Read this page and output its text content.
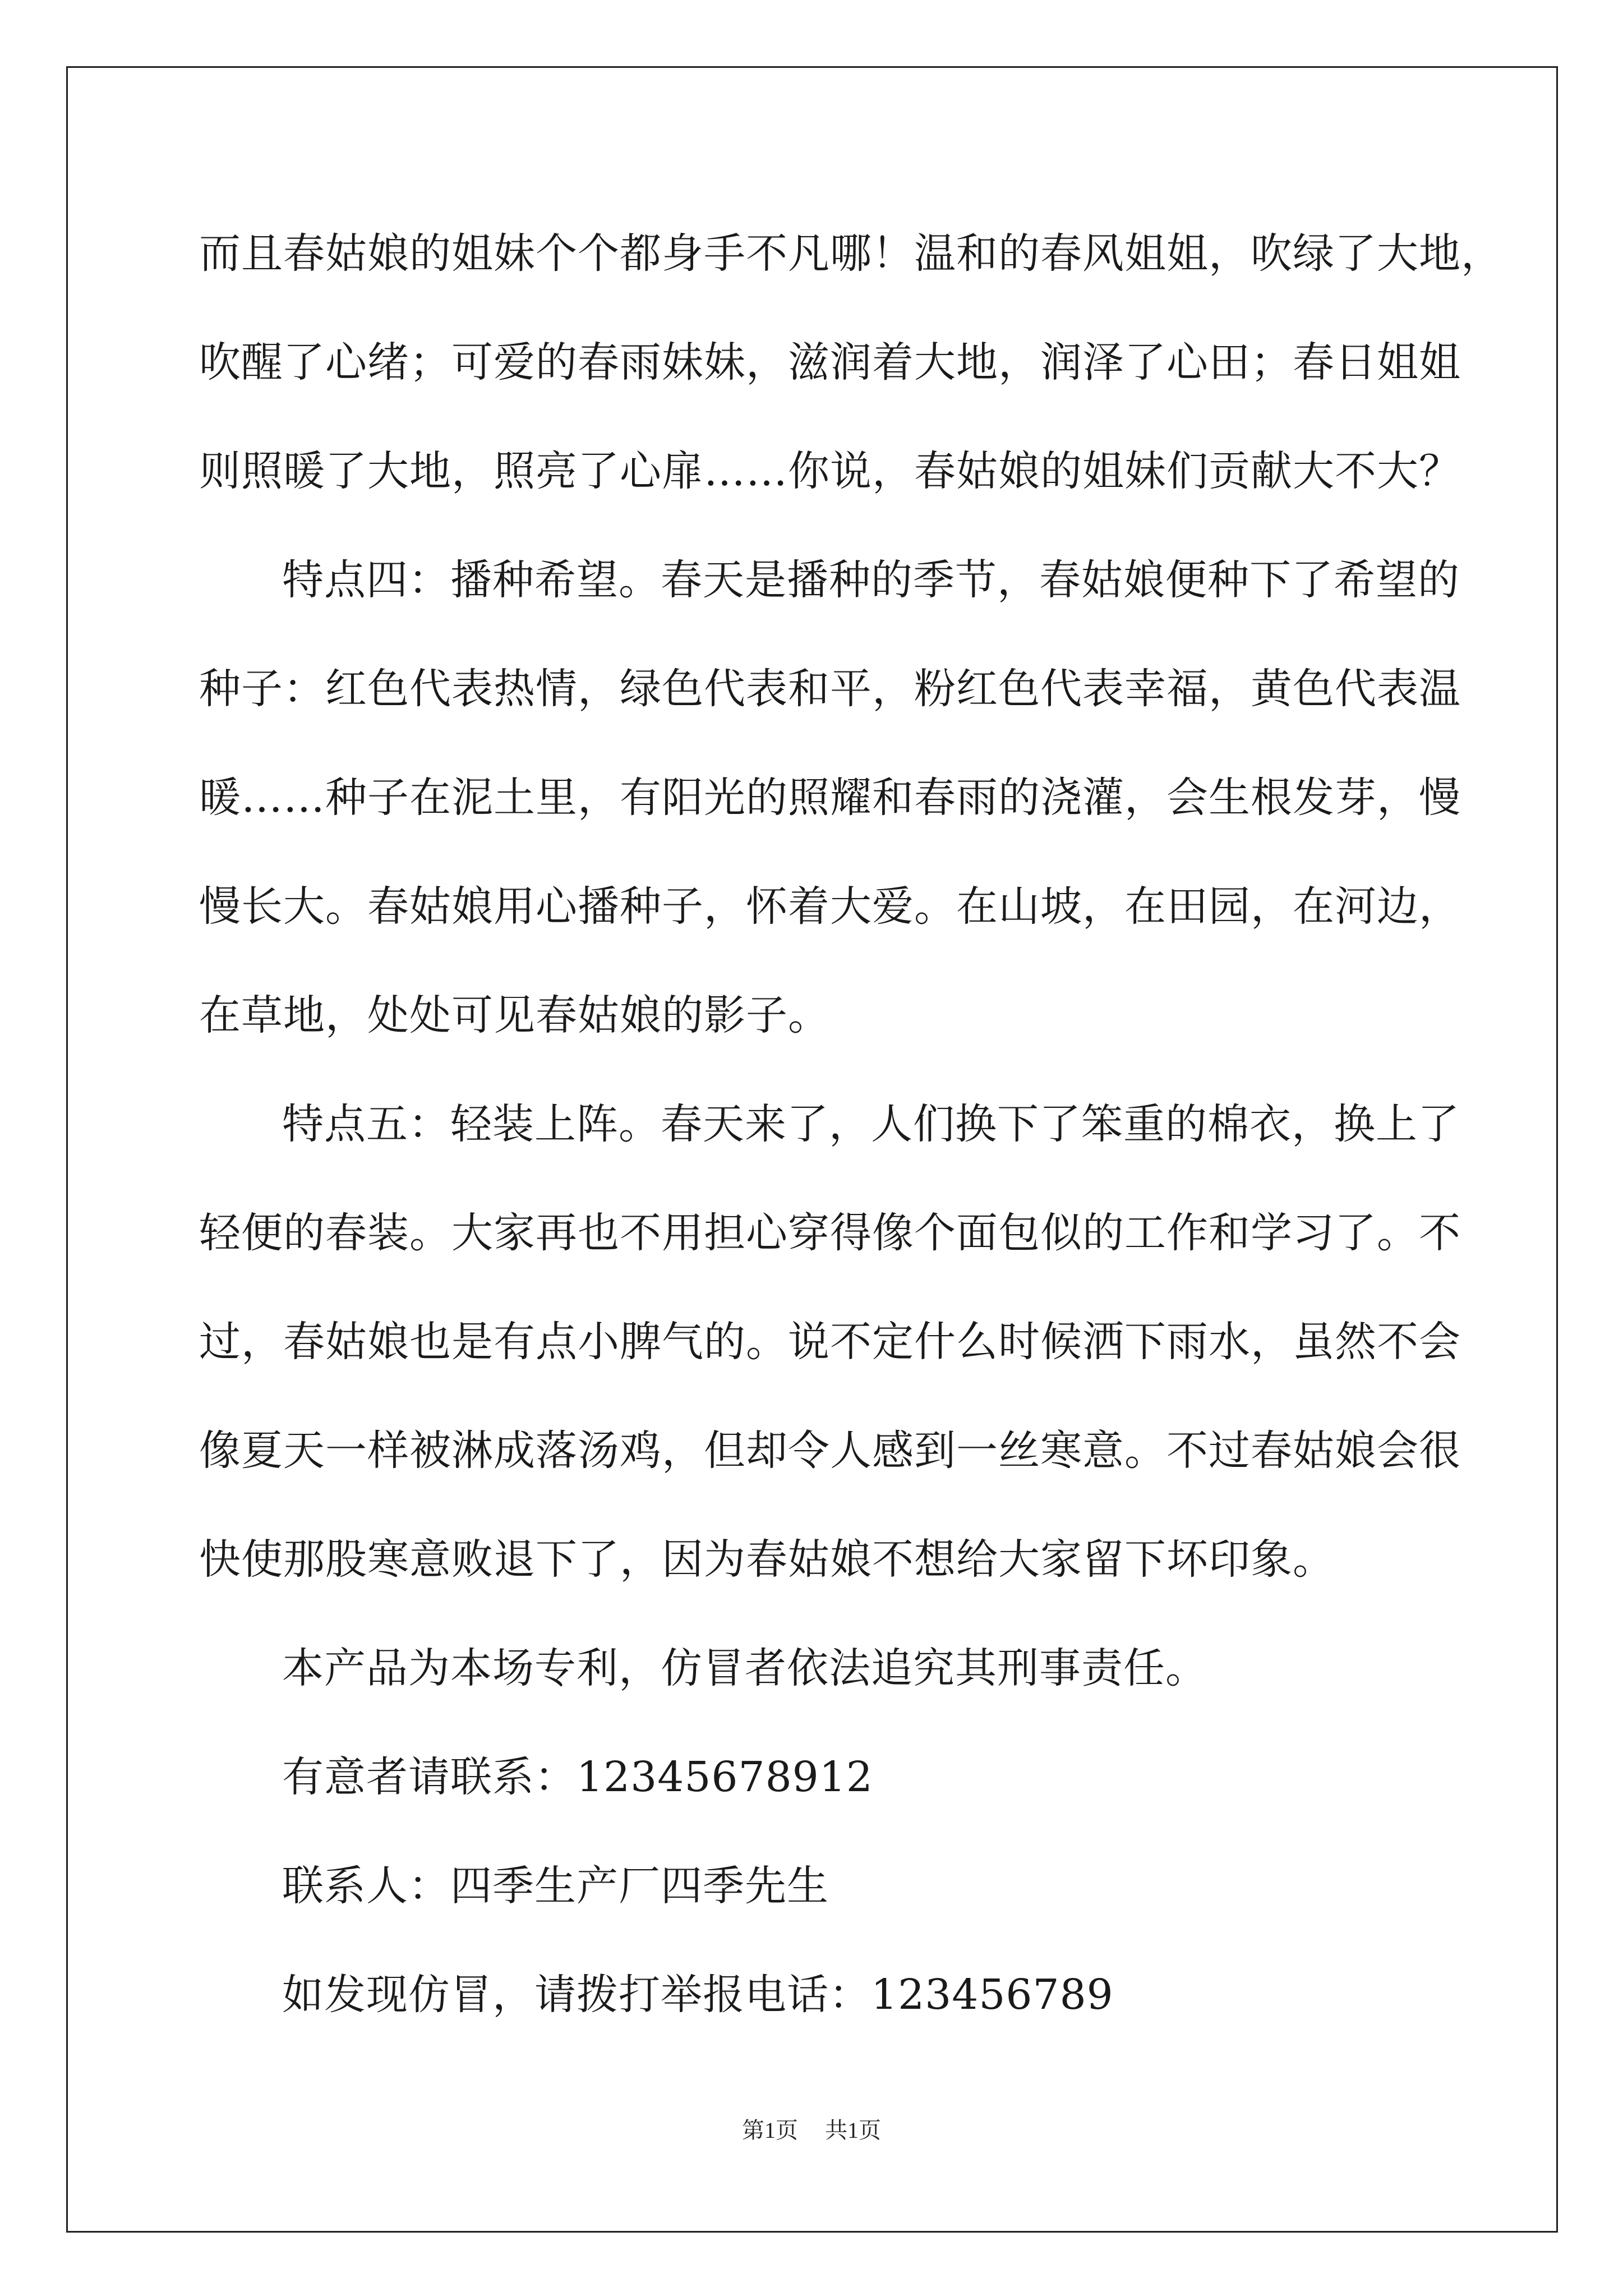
而且春姑娘的姐妹个个都身手不凡哪！温和的春风姐姐，吹绿了大地，
吹醒了心绪；可爱的春雨妹妹，滋润着大地，润泽了心田；春日姐姐
则照暖了大地，照亮了心扉……你说，春姑娘的姐妹们贡献大不大？
特点四：播种希望。春天是播种的季节，春姑娘便种下了希望的
种子：红色代表热情，绿色代表和平，粉红色代表幸福，黄色代表温
暖……种子在泥土里，有阳光的照耀和春雨的浇灌，会生根发芽，慢
慢长大。春姑娘用心播种子，怀着大爱。在山坡，在田园，在河边，
在草地，处处可见春姑娘的影子。
特点五：轻装上阵。春天来了，人们换下了笨重的棉衣，换上了
轻便的春装。大家再也不用担心穿得像个面包似的工作和学习了。不
过，春姑娘也是有点小脾气的。说不定什么时候洒下雨水，虽然不会
像夏天一样被淋成落汤鸡，但却令人感到一丝寒意。不过春姑娘会很
快使那股寒意败退下了，因为春姑娘不想给大家留下坏印象。
本产品为本场专利，仿冒者依法追究其刑事责任。
有意者请联系：12345678912
联系人：四季生产厂四季先生
如发现仿冒，请拨打举报电话：123456789
第1页 共1页
